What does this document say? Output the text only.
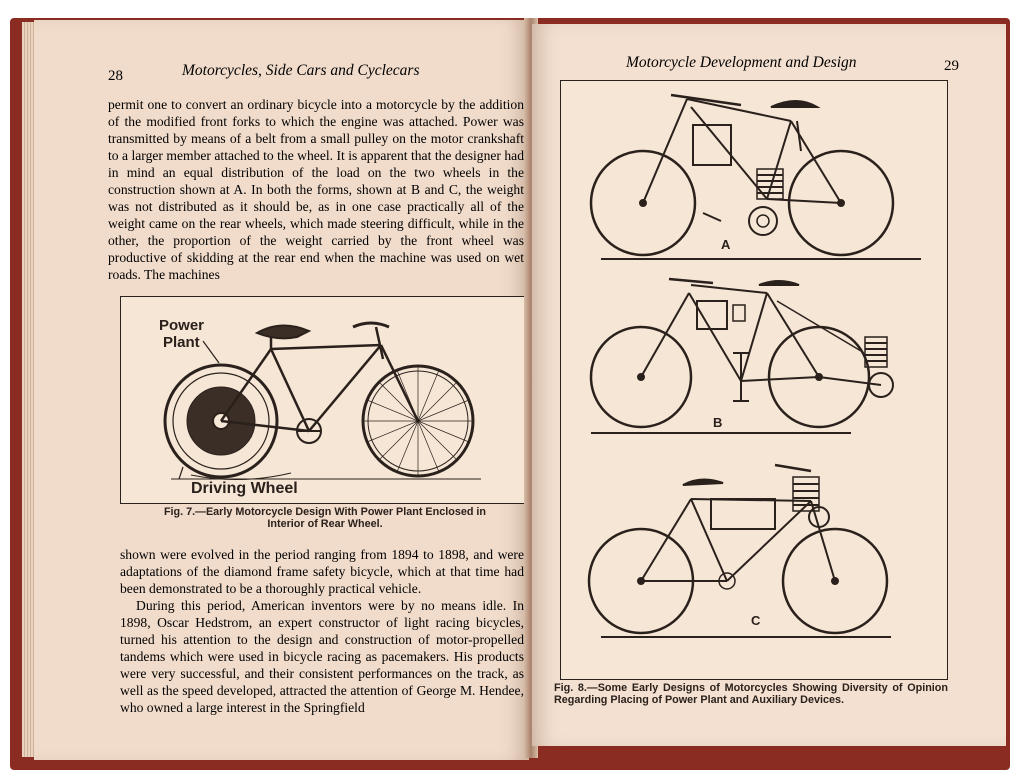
28	Motorcycles, Side Cars and Cyclecars

permit one to convert an ordinary bicycle into a motorcycle by the addition of the modified front forks to which the engine was attached. Power was transmitted by means of a belt from a small pulley on the motor crankshaft to a larger member attached to the wheel. It is apparent that the designer had in mind an equal distribution of the load on the two wheels in the construction shown at A. In both the forms, shown at B and C, the weight was not distributed as it should be, as in one case practically all of the weight came on the rear wheels, which made steering difficult, while in the other, the proportion of the weight carried by the front wheel was productive of skidding at the rear end when the machine was used on wet roads. The machines

Power
Plant
Driving Wheel
Fig. 7.—Early Motorcycle Design With Power Plant Enclosed in
Interior of Rear Wheel.

shown were evolved in the period ranging from 1894 to 1898, and were adaptations of the diamond frame safety bicycle, which at that time had been demonstrated to be a thoroughly practical vehicle.

During this period, American inventors were by no means idle. In 1898, Oscar Hedstrom, an expert constructor of light racing bicycles, turned his attention to the design and construction of motor-propelled tandems which were used in bicycle racing as pacemakers. His products were very successful, and their consistent performances on the track, as well as the speed developed, attracted the attention of George M. Hendee, who owned a large interest in the Springfield

Motorcycle Development and Design	29
A
B
C
Fig. 8.—Some Early Designs of Motorcycles Showing Diversity of Opinion Regarding Placing of Power Plant and Auxiliary Devices.
